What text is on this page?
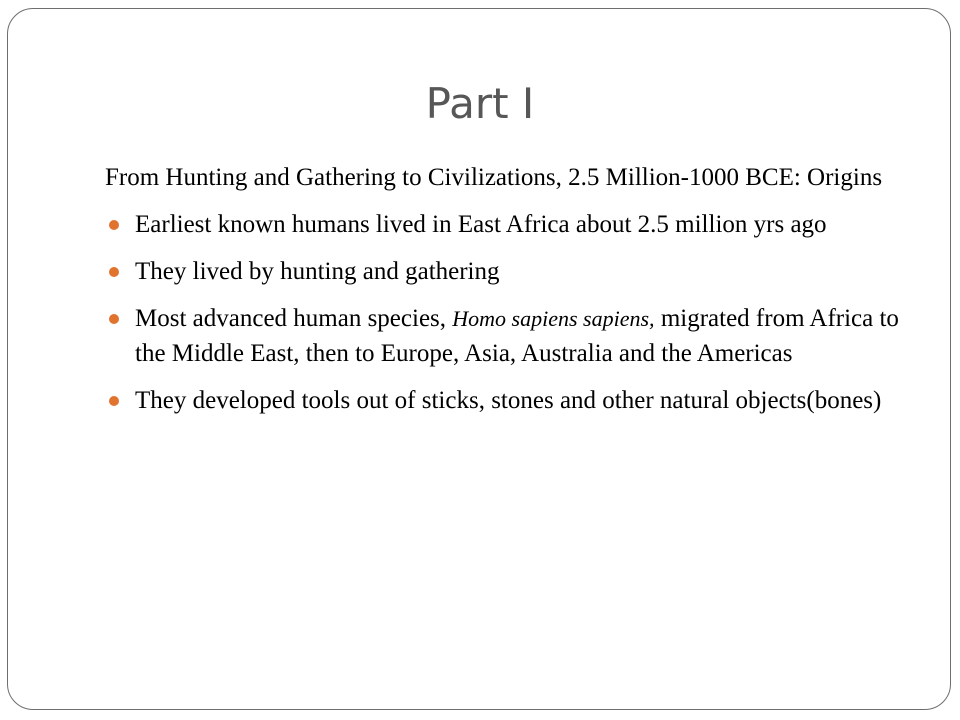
Part I

From Hunting and Gathering to Civilizations, 2.5 Million-1000 BCE: Origins

Earliest known humans lived in East Africa about 2.5 million yrs ago
They lived by hunting and gathering
Most advanced human species, Homo sapiens sapiens, migrated from Africa to the Middle East, then to Europe, Asia, Australia and the Americas
They developed tools out of sticks, stones and other natural objects(bones)
